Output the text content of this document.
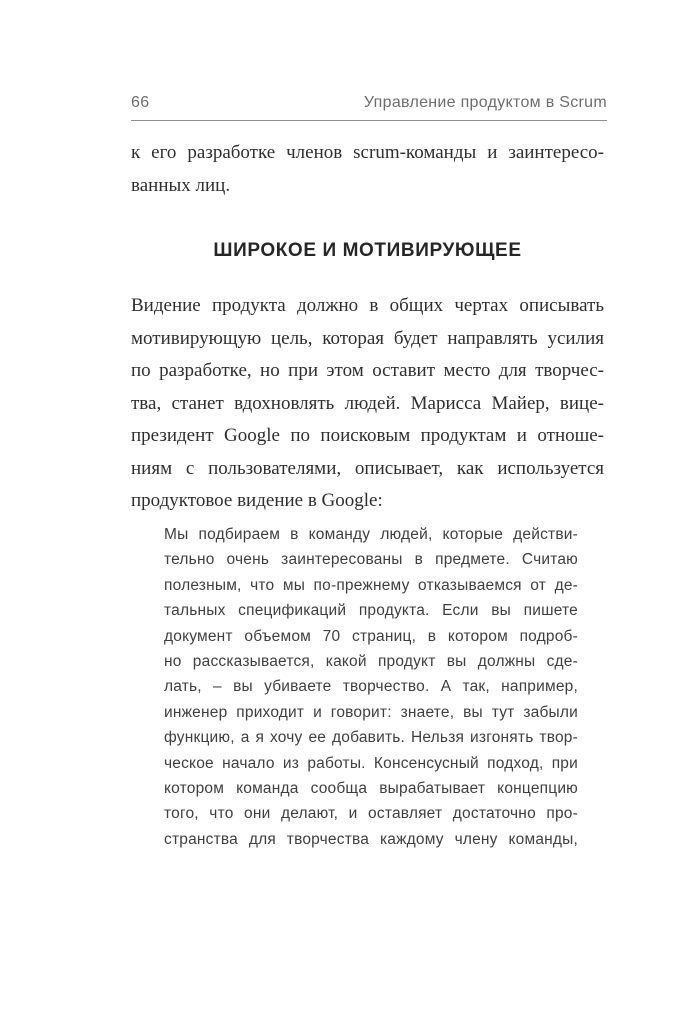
66	Управление продуктом в Scrum
к его разработке членов scrum-команды и заинтересо-
ванных лиц.
ШИРОКОЕ И МОТИВИРУЮЩЕЕ
Видение продукта должно в общих чертах описывать
мотивирующую цель, которая будет направлять усилия
по разработке, но при этом оставит место для творчес-
тва, станет вдохновлять людей. Марисса Майер, вице-
президент Google по поисковым продуктам и отноше-
ниям с пользователями, описывает, как используется
продуктовое видение в Google:
Мы подбираем в команду людей, которые действи-
тельно очень заинтересованы в предмете. Считаю
полезным, что мы по-прежнему отказываемся от де-
тальных спецификаций продукта. Если вы пишете
документ объемом 70 страниц, в котором подроб-
но рассказывается, какой продукт вы должны сде-
лать, – вы убиваете творчество. А так, например,
инженер приходит и говорит: знаете, вы тут забыли
функцию, а я хочу ее добавить. Нельзя изгонять твор-
ческое начало из работы. Консенсусный подход, при
котором команда сообща вырабатывает концепцию
того, что они делают, и оставляет достаточно про-
странства для творчества каждому члену команды,
